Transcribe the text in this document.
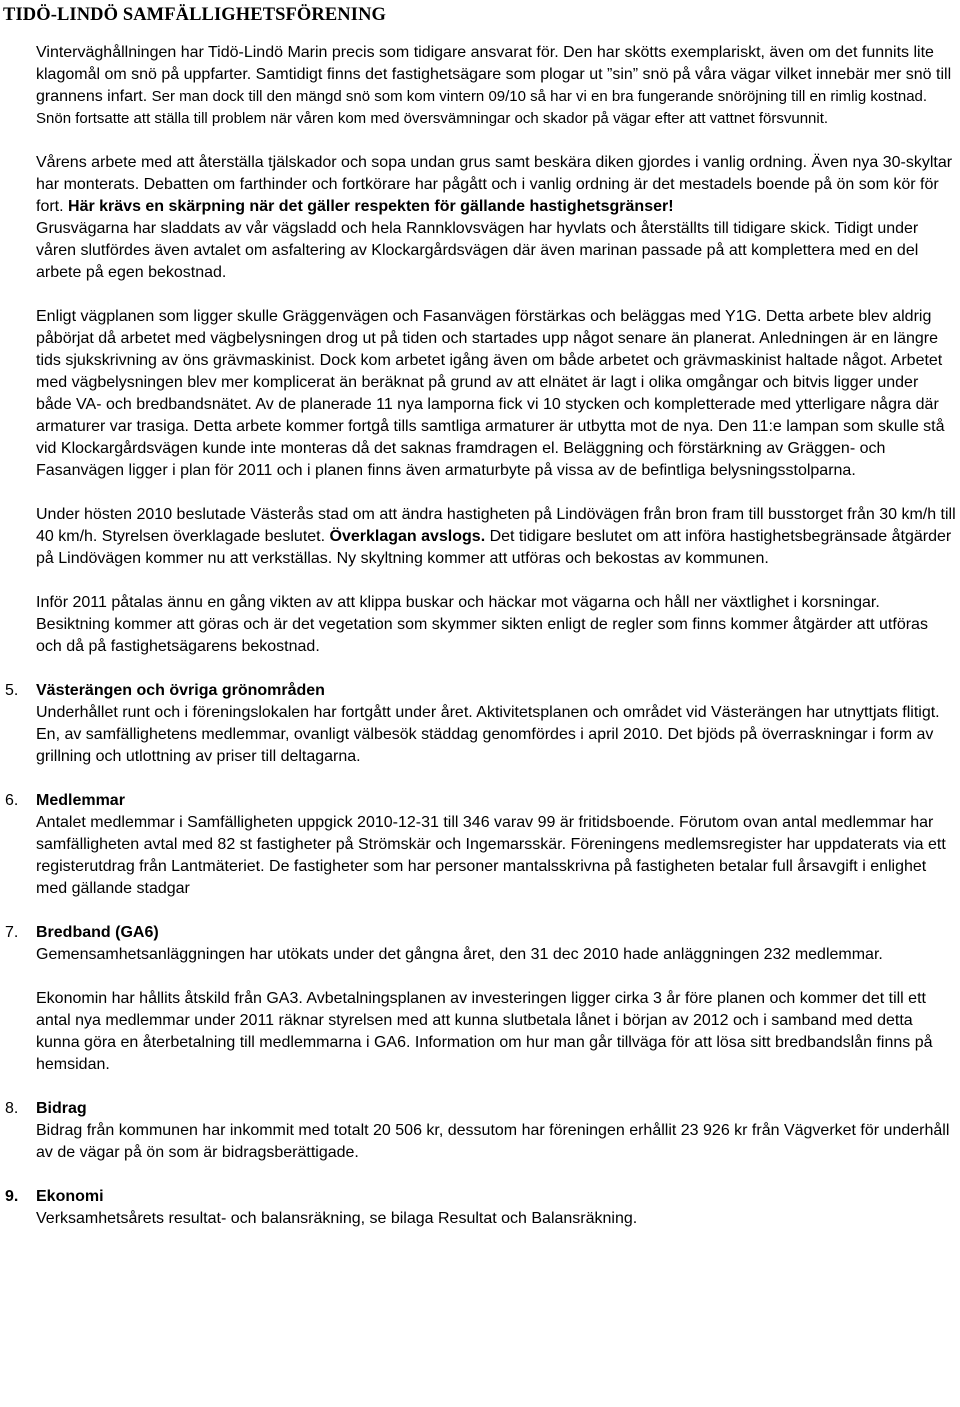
TIDÖ-LINDÖ SAMFÄLLIGHETSFÖRENING

Vinterväghållningen har Tidö-Lindö Marin precis som tidigare ansvarat för. Den har skötts exemplariskt, även om det funnits lite klagomål om snö på uppfarter. Samtidigt finns det fastighetsägare som plogar ut ”sin” snö på våra vägar vilket innebär mer snö till grannens infart. Ser man dock till den mängd snö som kom vintern 09/10 så har vi en bra fungerande snöröjning till en rimlig kostnad. Snön fortsatte att ställa till problem när våren kom med översvämningar och skador på vägar efter att vattnet försvunnit.

Vårens arbete med att återställa tjälskador och sopa undan grus samt beskära diken gjordes i vanlig ordning. Även nya 30-skyltar har monterats. Debatten om farthinder och fortkörare har pågått och i vanlig ordning är det mestadels boende på ön som kör för fort. Här krävs en skärpning när det gäller respekten för gällande hastighetsgränser!

Grusvägarna har sladdats av vår vägsladd och hela Rannklovsvägen har hyvlats och återställts till tidigare skick. Tidigt under våren slutfördes även avtalet om asfaltering av Klockargårdsvägen där även marinan passade på att komplettera med en del arbete på egen bekostnad.

Enligt vägplanen som ligger skulle Gräggenvägen och Fasanvägen förstärkas och beläggas med Y1G. Detta arbete blev aldrig påbörjat då arbetet med vägbelysningen drog ut på tiden och startades upp något senare än planerat. Anledningen är en längre tids sjukskrivning av öns grävmaskinist. Dock kom arbetet igång även om både arbetet och grävmaskinist haltade något. Arbetet med vägbelysningen blev mer komplicerat än beräknat på grund av att elnätet är lagt i olika omgångar och bitvis ligger under både VA- och bredbandsnätet. Av de planerade 11 nya lamporna fick vi 10 stycken och kompletterade med ytterligare några där armaturer var trasiga. Detta arbete kommer fortgå tills samtliga armaturer är utbytta mot de nya. Den 11:e lampan som skulle stå vid Klockargårdsvägen kunde inte monteras då det saknas framdragen el. Beläggning och förstärkning av Gräggen- och Fasanvägen ligger i plan för 2011 och i planen finns även armaturbyte på vissa av de befintliga belysningsstolparna.

Under hösten 2010 beslutade Västerås stad om att ändra hastigheten på Lindövägen från bron fram till busstorget från 30 km/h till 40 km/h. Styrelsen överklagade beslutet. Överklagan avslogs. Det tidigare beslutet om att införa hastighetsbegränsade åtgärder på Lindövägen kommer nu att verkställas. Ny skyltning kommer att utföras och bekostas av kommunen.

Inför 2011 påtalas ännu en gång vikten av att klippa buskar och häckar mot vägarna och håll ner växtlighet i korsningar. Besiktning kommer att göras och är det vegetation som skymmer sikten enligt de regler som finns kommer åtgärder att utföras och då på fastighetsägarens bekostnad.

5. Västerängen och övriga grönområden

Underhållet runt och i föreningslokalen har fortgått under året. Aktivitetsplanen och området vid Västerängen har utnyttjats flitigt. En, av samfällighetens medlemmar, ovanligt välbesök städdag genomfördes i april 2010. Det bjöds på överraskningar i form av grillning och utlottning av priser till deltagarna.

6. Medlemmar

Antalet medlemmar i Samfälligheten uppgick 2010-12-31 till 346 varav 99 är fritidsboende. Förutom ovan antal medlemmar har samfälligheten avtal med 82 st fastigheter på Strömskär och Ingemarsskär. Föreningens medlemsregister har uppdaterats via ett registerutdrag från Lantmäteriet. De fastigheter som har personer mantalsskrivna på fastigheten betalar full årsavgift i enlighet med gällande stadgar

7. Bredband (GA6)

Gemensamhetsanläggningen har utökats under det gångna året, den 31 dec 2010 hade anläggningen 232 medlemmar.

Ekonomin har hållits åtskild från GA3. Avbetalningsplanen av investeringen ligger cirka 3 år före planen och kommer det till ett antal nya medlemmar under 2011 räknar styrelsen med att kunna slutbetala lånet i början av 2012 och i samband med detta kunna göra en återbetalning till medlemmarna i GA6. Information om hur man går tillväga för att lösa sitt bredbandslån finns på hemsidan.

8. Bidrag

Bidrag från kommunen har inkommit med totalt 20 506 kr, dessutom har föreningen erhållit 23 926 kr från Vägverket för underhåll av de vägar på ön som är bidragsberättigade.

9. Ekonomi

Verksamhetsårets resultat- och balansräkning, se bilaga Resultat och Balansräkning.
